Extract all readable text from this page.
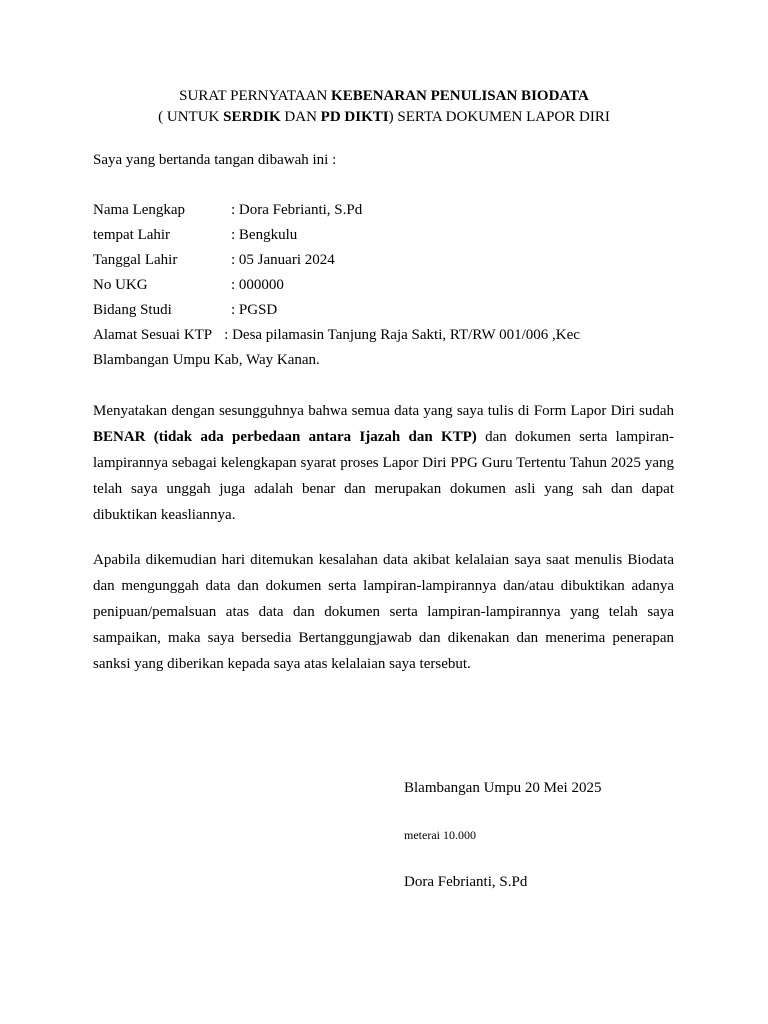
SURAT PERNYATAAN KEBENARAN PENULISAN BIODATA
( UNTUK SERDIK DAN PD DIKTI) SERTA DOKUMEN LAPOR DIRI
Saya yang bertanda tangan dibawah ini :
Nama Lengkap	: Dora Febrianti, S.Pd
tempat Lahir	: Bengkulu
Tanggal Lahir	: 05 Januari 2024
No UKG	: 000000
Bidang Studi	: PGSD
Alamat Sesuai KTP : Desa pilamasin Tanjung Raja Sakti, RT/RW 001/006 ,Kec
Blambangan Umpu Kab, Way Kanan.
Menyatakan dengan sesungguhnya bahwa semua data yang saya tulis di Form Lapor Diri sudah BENAR (tidak ada perbedaan antara Ijazah dan KTP) dan dokumen serta lampiran-lampirannya sebagai kelengkapan syarat proses Lapor Diri PPG Guru Tertentu Tahun 2025 yang telah saya unggah juga adalah benar dan merupakan dokumen asli yang sah dan dapat dibuktikan keasliannya.
Apabila dikemudian hari ditemukan kesalahan data akibat kelalaian saya saat menulis Biodata dan mengunggah data dan dokumen serta lampiran-lampirannya dan/atau dibuktikan adanya penipuan/pemalsuan atas data dan dokumen serta lampiran-lampirannya yang telah saya sampaikan, maka saya bersedia Bertanggungjawab dan dikenakan dan menerima penerapan sanksi yang diberikan kepada saya atas kelalaian saya tersebut.
Blambangan Umpu 20 Mei 2025
meterai 10.000
Dora Febrianti, S.Pd
